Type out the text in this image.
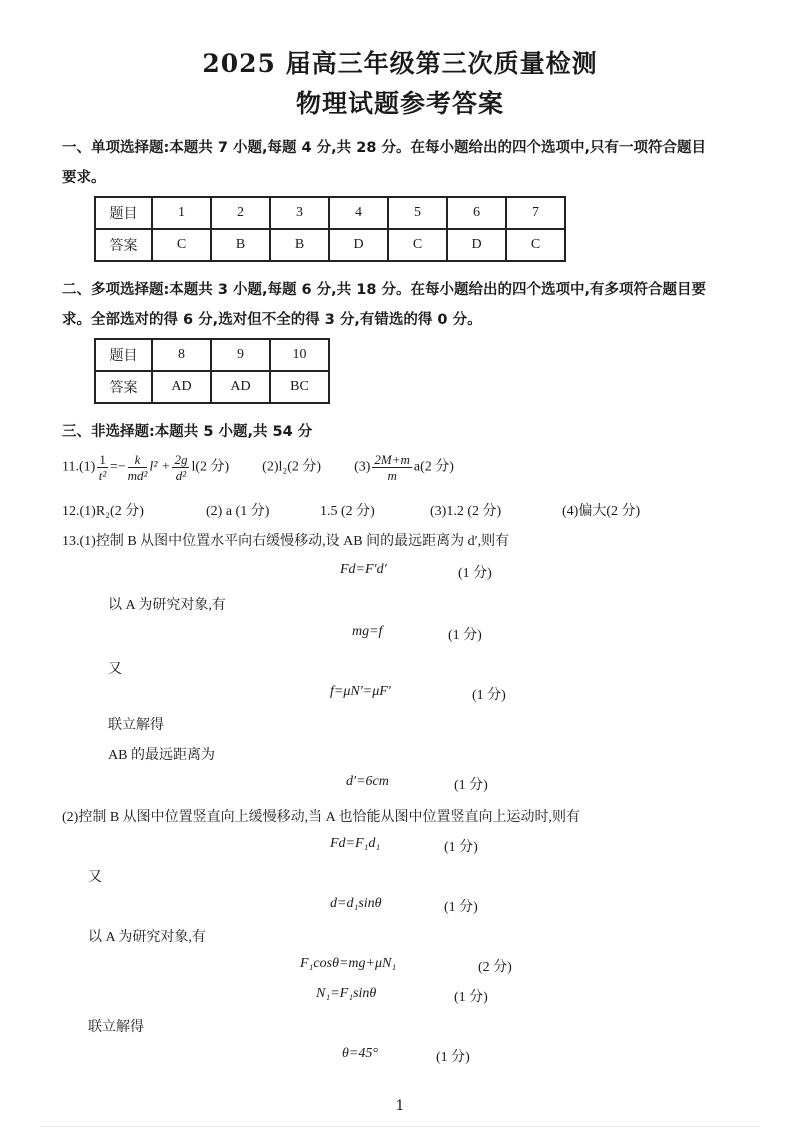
2025 届高三年级第三次质量检测
物理试题参考答案
一、单项选择题:本题共 7 小题,每题 4 分,共 28 分。在每小题给出的四个选项中,只有一项符合题目
要求。
题目	1	2	3	4	5	6	7
答案	C	B	B	D	C	D	C
二、多项选择题:本题共 3 小题,每题 6 分,共 18 分。在每小题给出的四个选项中,有多项符合题目要
求。全部选对的得 6 分,选对但不全的得 3 分,有错选的得 0 分。
题目	8	9	10
答案	AD	AD	BC
三、非选择题:本题共 5 小题,共 54 分
$11.(1) \frac{1}{\text{t²}} =- \frac{k}{\text{md²}} l^2 + \frac{2g}{\text{d²}} l(2$ 分) (2)l₂(2 分) $(3) \frac{2M+m}{m} a(2$ 分)
12.(1)R₂(2 分)	(2) a (1 分)	1.5 (2 分)	(3)1.2 (2 分)	(4)偏大(2 分)
13.(1)控制 B 从图中位置水平向右缓慢移动,设 AB 间的最远距离为 d′,则有
Fd=F′d′	(1 分)
以 A 为研究对象,有
mg=f	(1 分)
又
f=μN′=μF′	(1 分)
联立解得
AB 的最远距离为
d′=6cm	(1 分)
(2)控制 B 从图中位置竖直向上缓慢移动,当 A 也恰能从图中位置竖直向上运动时,则有
Fd=F₁d₁	(1 分)
又
d=d₁sinθ	(1 分)
以 A 为研究对象,有
F₁cosθ=mg+μN₁	(2 分)
N₁=F₁sinθ	(1 分)
联立解得
θ=45°	(1 分)
1
